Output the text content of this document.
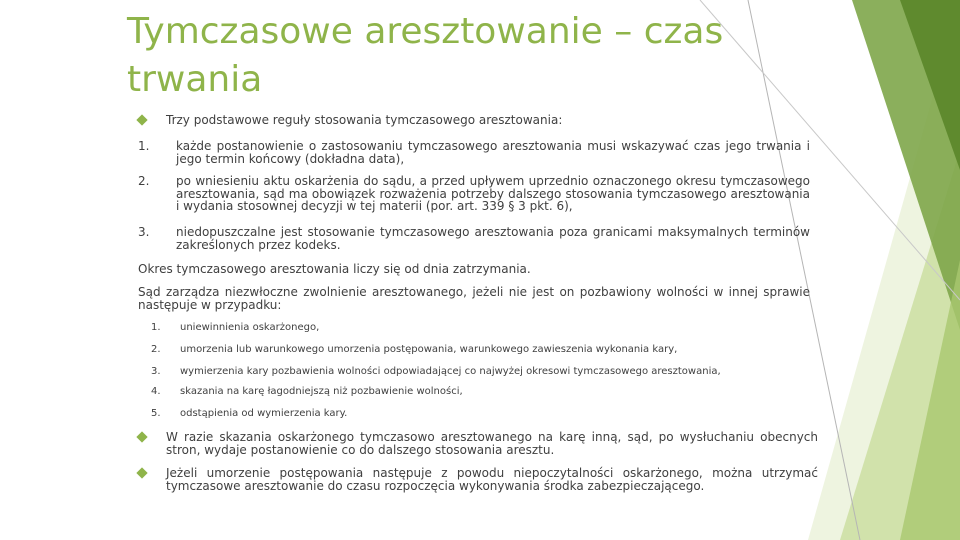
Tymczasowe aresztowanie – czas trwania
Trzy podstawowe reguły stosowania tymczasowego aresztowania:
1.	każde postanowienie o zastosowaniu tymczasowego aresztowania musi wskazywać czas jego trwania i jego termin końcowy (dokładna data),
2.	po wniesieniu aktu oskarżenia do sądu, a przed upływem uprzednio oznaczonego okresu tymczasowego aresztowania, sąd ma obowiązek rozważenia potrzeby dalszego stosowania tymczasowego aresztowania i wydania stosownej decyzji w tej materii (por. art. 339 § 3 pkt. 6),
3.	niedopuszczalne jest stosowanie tymczasowego aresztowania poza granicami maksymalnych terminów zakreślonych przez kodeks.
Okres tymczasowego aresztowania liczy się od dnia zatrzymania.
Sąd zarządza niezwłoczne zwolnienie aresztowanego, jeżeli nie jest on pozbawiony wolności w innej sprawie następuje w przypadku:
1.	uniewinnienia oskarżonego,
2.	umorzenia lub warunkowego umorzenia postępowania, warunkowego zawieszenia wykonania kary,
3.	wymierzenia kary pozbawienia wolności odpowiadającej co najwyżej okresowi tymczasowego aresztowania,
4.	skazania na karę łagodniejszą niż pozbawienie wolności,
5.	odstąpienia od wymierzenia kary.
W razie skazania oskarżonego tymczasowo aresztowanego na karę inną, sąd, po wysłuchaniu obecnych stron, wydaje postanowienie co do dalszego stosowania aresztu.
Jeżeli umorzenie postępowania następuje z powodu niepoczytalności oskarżonego, można utrzymać tymczasowe aresztowanie do czasu rozpoczęcia wykonywania środka zabezpieczającego.
